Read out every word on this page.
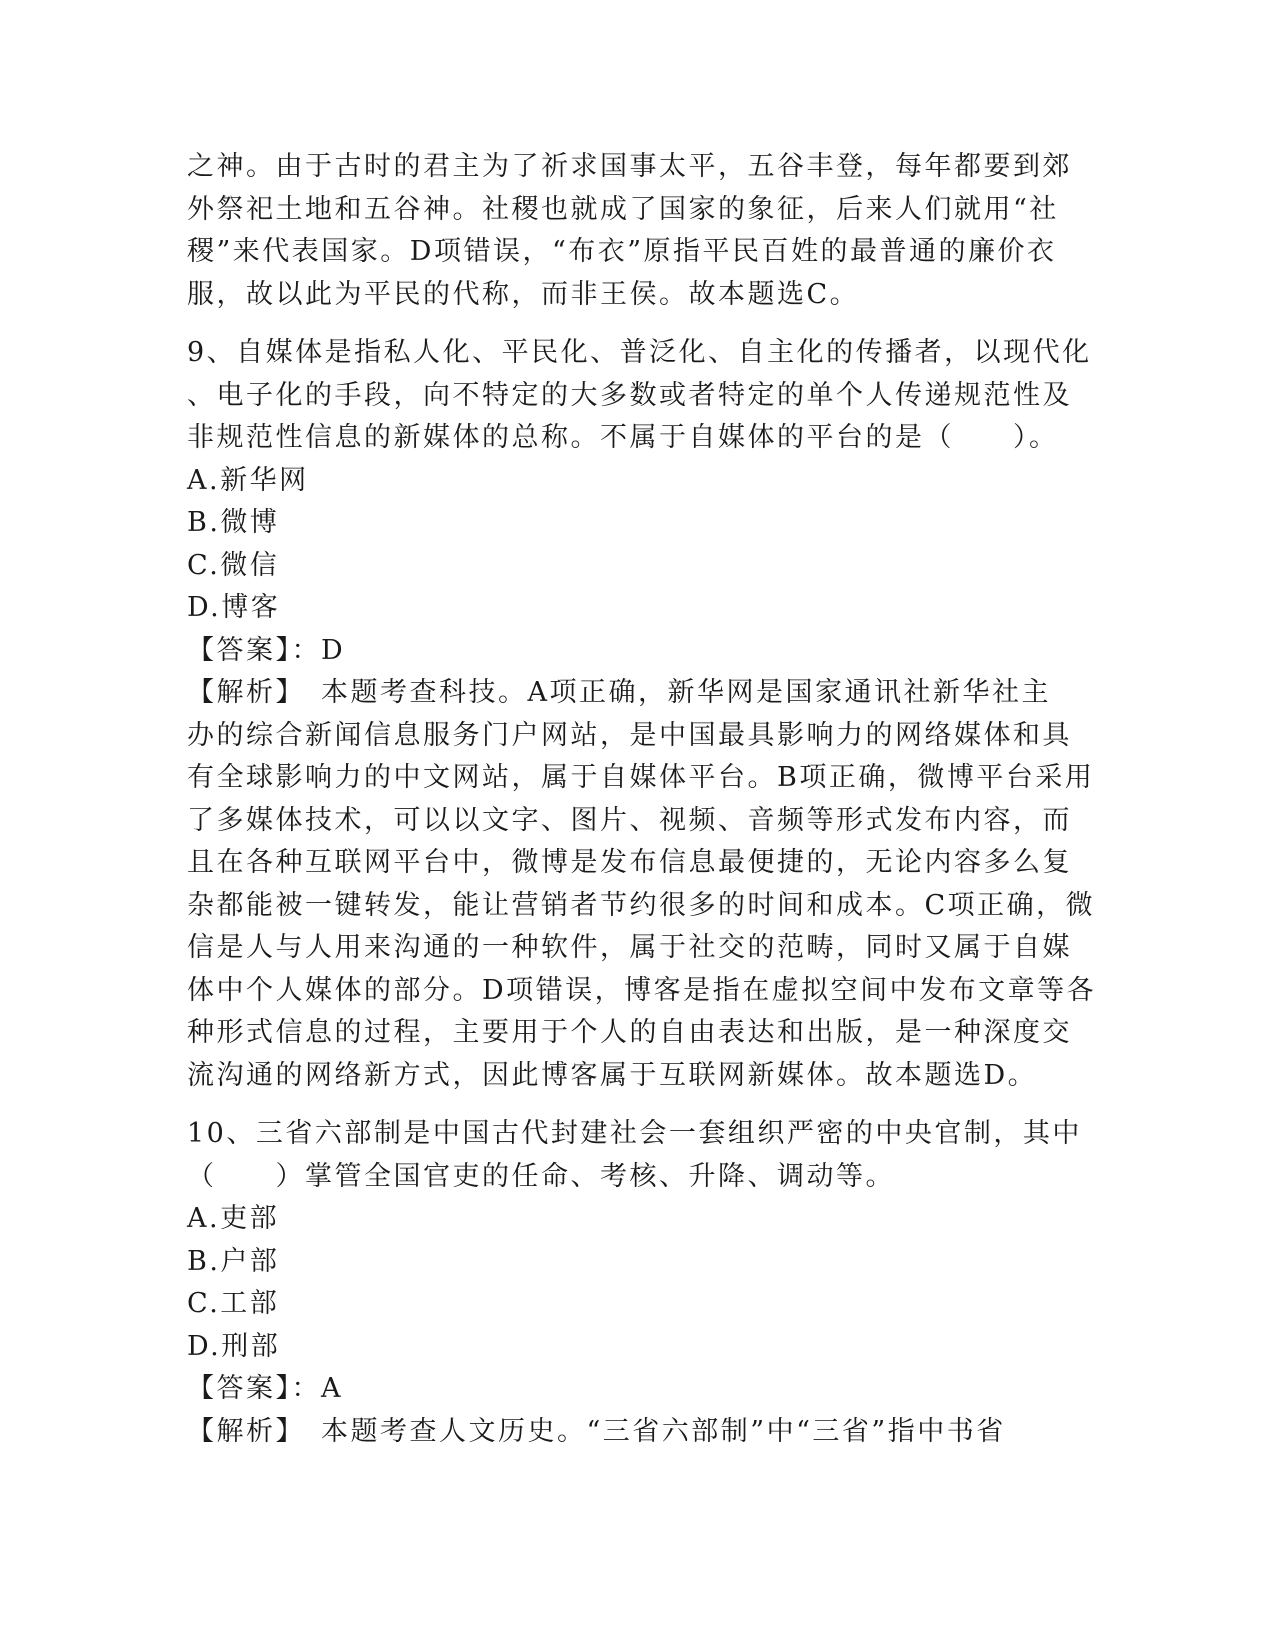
之神。由于古时的君主为了祈求国事太平，五谷丰登，每年都要到郊
外祭祀土地和五谷神。社稷也就成了国家的象征，后来人们就用“社
稷”来代表国家。D项错误，“布衣”原指平民百姓的最普通的廉价衣
服，故以此为平民的代称，而非王侯。故本题选C。
9、自媒体是指私人化、平民化、普泛化、自主化的传播者，以现代化
、电子化的手段，向不特定的大多数或者特定的单个人传递规范性及
非规范性信息的新媒体的总称。不属于自媒体的平台的是（　　）。
A.新华网
B.微博
C.微信
D.博客
【答案】：D
【解析】　本题考查科技。A项正确，新华网是国家通讯社新华社主
办的综合新闻信息服务门户网站，是中国最具影响力的网络媒体和具
有全球影响力的中文网站，属于自媒体平台。B项正确，微博平台采用
了多媒体技术，可以以文字、图片、视频、音频等形式发布内容，而
且在各种互联网平台中，微博是发布信息最便捷的，无论内容多么复
杂都能被一键转发，能让营销者节约很多的时间和成本。C项正确，微
信是人与人用来沟通的一种软件，属于社交的范畴，同时又属于自媒
体中个人媒体的部分。D项错误，博客是指在虚拟空间中发布文章等各
种形式信息的过程，主要用于个人的自由表达和出版，是一种深度交
流沟通的网络新方式，因此博客属于互联网新媒体。故本题选D。
10、三省六部制是中国古代封建社会一套组织严密的中央官制，其中
（　　）掌管全国官吏的任命、考核、升降、调动等。
A.吏部
B.户部
C.工部
D.刑部
【答案】：A
【解析】　本题考查人文历史。“三省六部制”中“三省”指中书省
